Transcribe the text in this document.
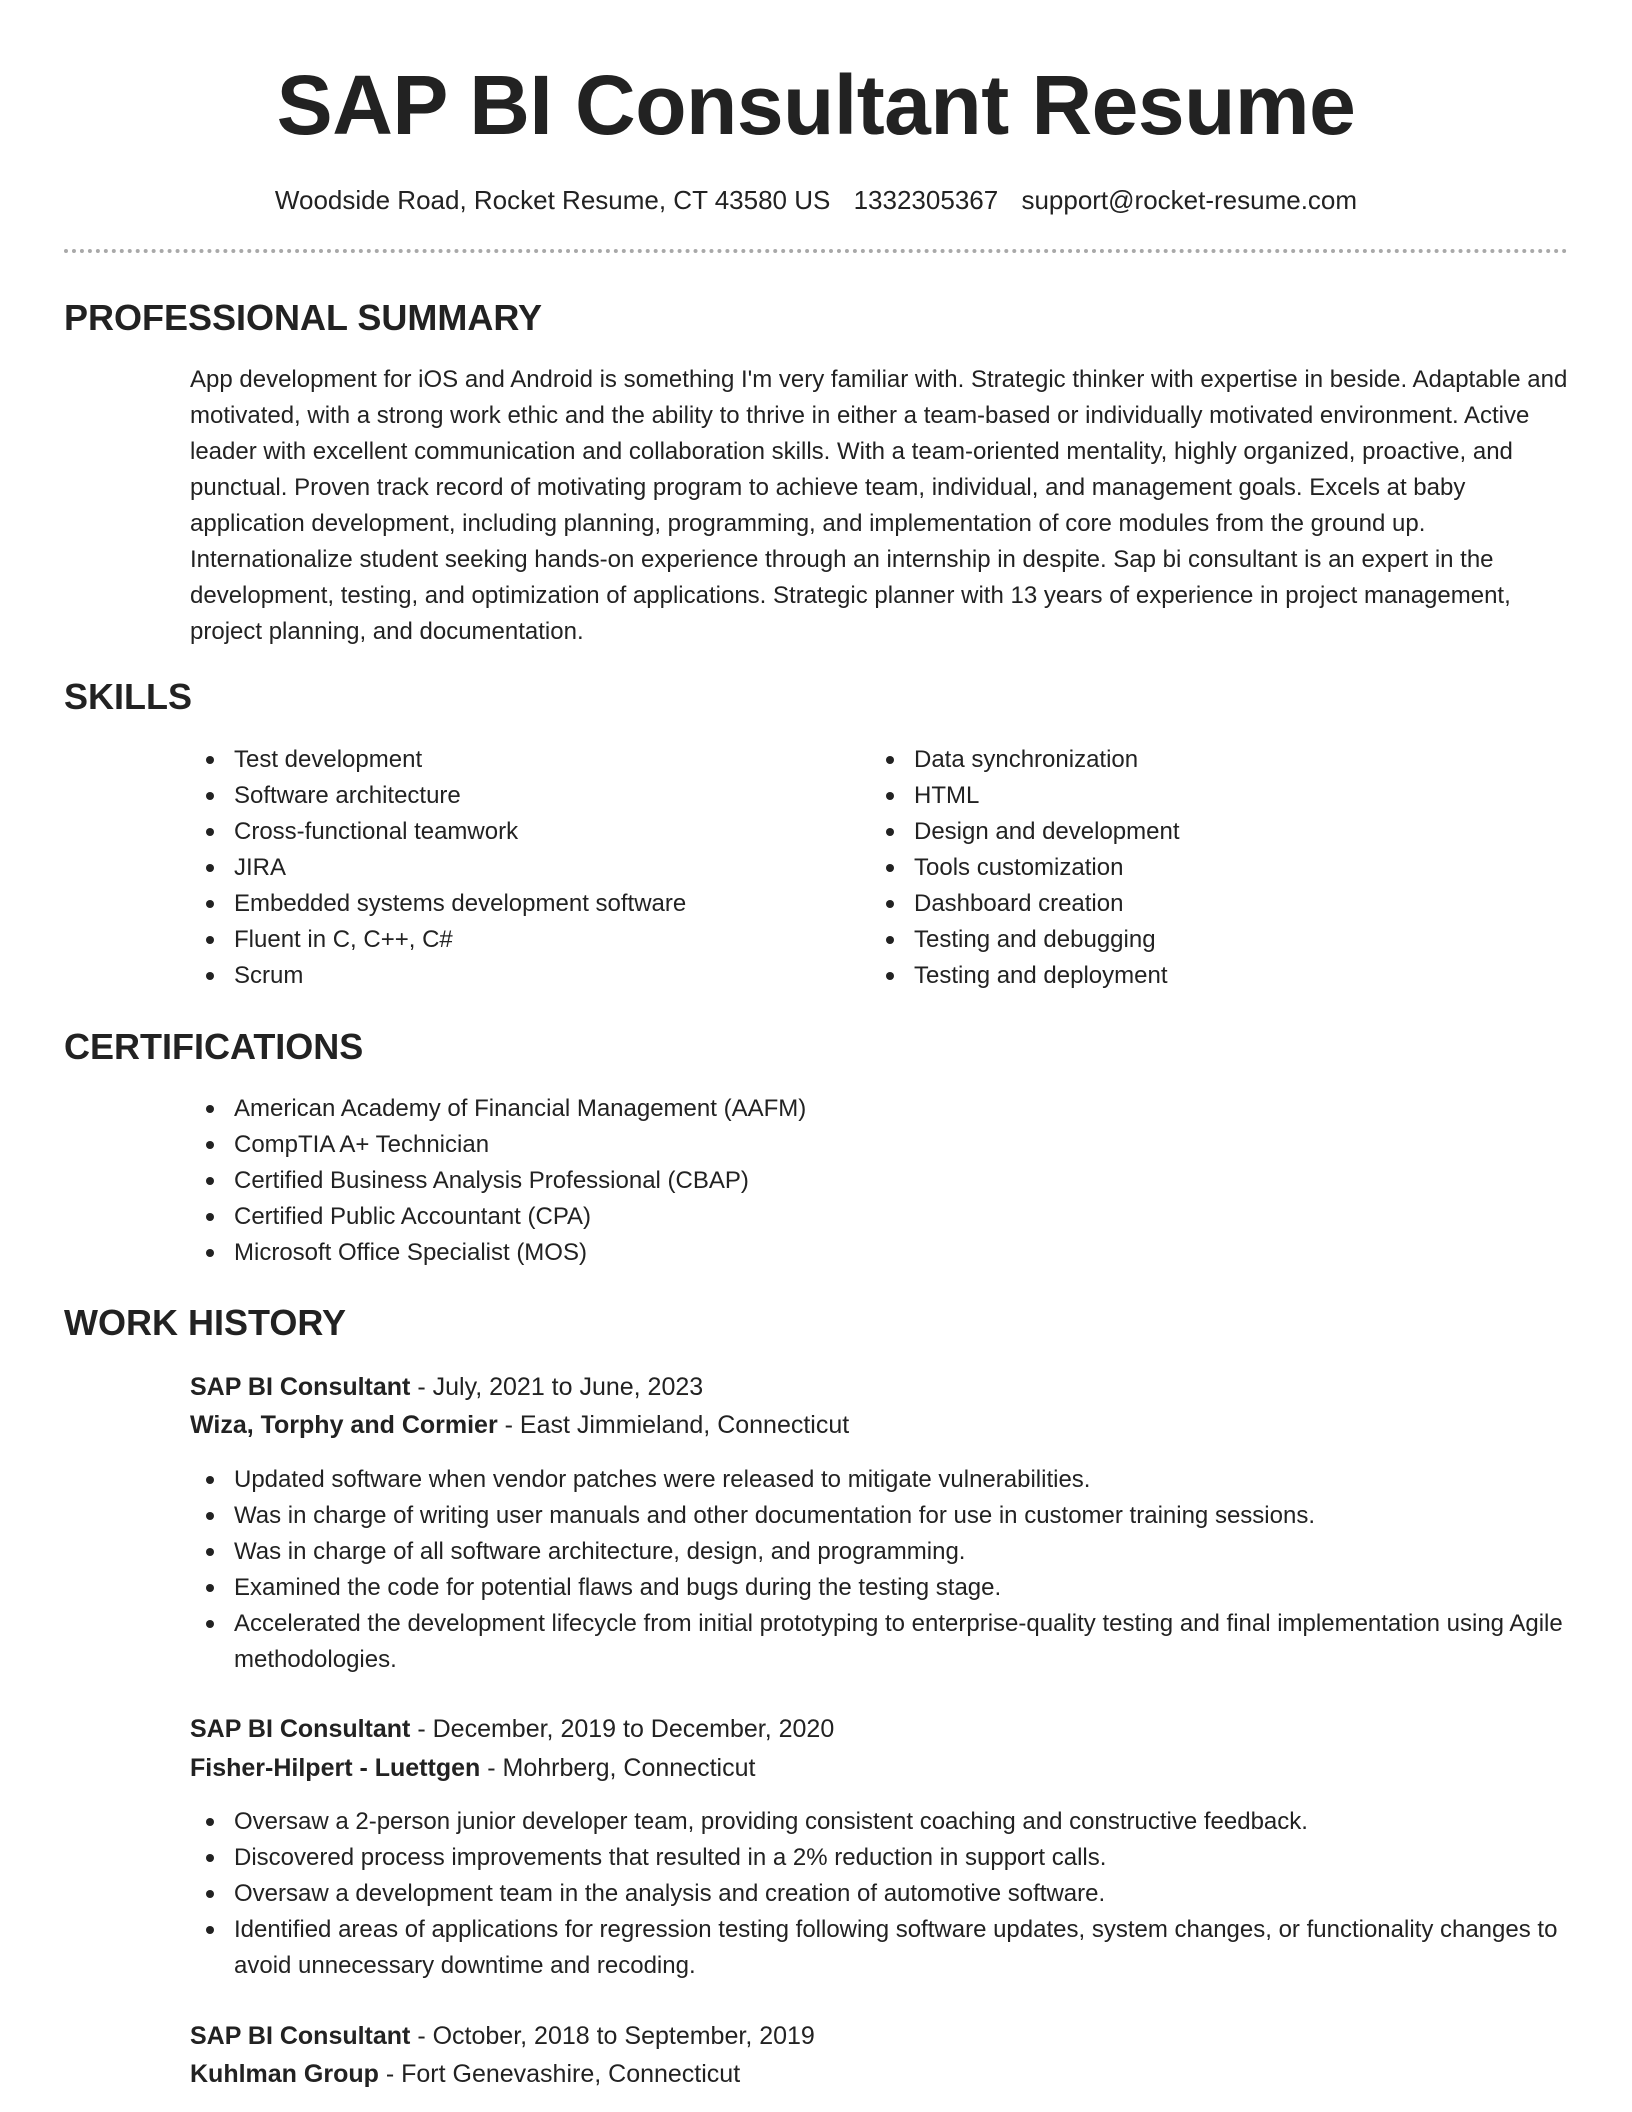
SAP BI Consultant Resume
Woodside Road, Rocket Resume, CT 43580 US 1332305367 support@rocket-resume.com
PROFESSIONAL SUMMARY

App development for iOS and Android is something I'm very familiar with. Strategic thinker with expertise in beside. Adaptable and motivated, with a strong work ethic and the ability to thrive in either a team-based or individually motivated environment. Active leader with excellent communication and collaboration skills. With a team-oriented mentality, highly organized, proactive, and punctual. Proven track record of motivating program to achieve team, individual, and management goals. Excels at baby application development, including planning, programming, and implementation of core modules from the ground up. Internationalize student seeking hands-on experience through an internship in despite. Sap bi consultant is an expert in the development, testing, and optimization of applications. Strategic planner with 13 years of experience in project management, project planning, and documentation.

SKILLS
Test development
Software architecture
Cross-functional teamwork
JIRA
Embedded systems development software
Fluent in C, C++, C#
Scrum
Data synchronization
HTML
Design and development
Tools customization
Dashboard creation
Testing and debugging
Testing and deployment
CERTIFICATIONS
American Academy of Financial Management (AAFM)
CompTIA A+ Technician
Certified Business Analysis Professional (CBAP)
Certified Public Accountant (CPA)
Microsoft Office Specialist (MOS)
WORK HISTORY
SAP BI Consultant - July, 2021 to June, 2023
Wiza, Torphy and Cormier - East Jimmieland, Connecticut
Updated software when vendor patches were released to mitigate vulnerabilities.
Was in charge of writing user manuals and other documentation for use in customer training sessions.
Was in charge of all software architecture, design, and programming.
Examined the code for potential flaws and bugs during the testing stage.
Accelerated the development lifecycle from initial prototyping to enterprise-quality testing and final implementation using Agile methodologies.
SAP BI Consultant - December, 2019 to December, 2020
Fisher-Hilpert - Luettgen - Mohrberg, Connecticut
Oversaw a 2-person junior developer team, providing consistent coaching and constructive feedback.
Discovered process improvements that resulted in a 2% reduction in support calls.
Oversaw a development team in the analysis and creation of automotive software.
Identified areas of applications for regression testing following software updates, system changes, or functionality changes to avoid unnecessary downtime and recoding.
SAP BI Consultant - October, 2018 to September, 2019
Kuhlman Group - Fort Genevashire, Connecticut
